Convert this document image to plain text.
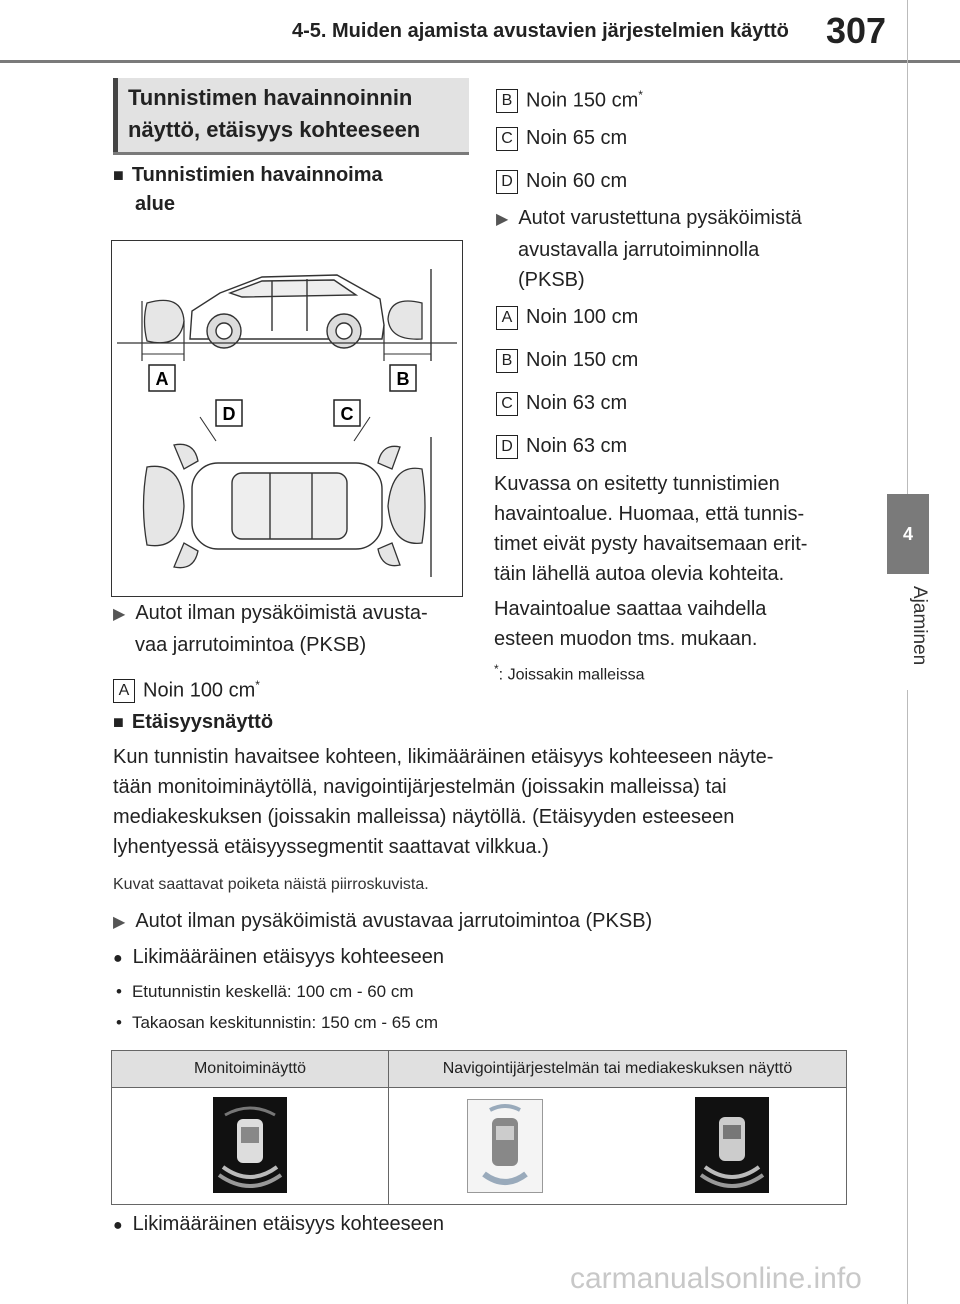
4-5. Muiden ajamista avustavien järjestelmien käyttö 307
4
Ajaminen
Tunnistimen havainnoinnin
näyttö, etäisyys kohteeseen
■ Tunnistimien havainnoima
alue
A	B
D	C
▶ Autot ilman pysäköimistä avusta-
vaa jarrutoimintoa (PKSB)
A Noin 100 cm*
B Noin 150 cm*
C Noin 65 cm
D Noin 60 cm
▶ Autot varustettuna pysäköimistä
avustavalla jarrutoiminnolla
(PKSB)
A Noin 100 cm
B Noin 150 cm
C Noin 63 cm
D Noin 63 cm
Kuvassa on esitetty tunnistimien
havaintoalue. Huomaa, että tunnis-
timet eivät pysty havaitsemaan erit-
täin lähellä autoa olevia kohteita.
Havaintoalue saattaa vaihdella
esteen muodon tms. mukaan.
*: Joissakin malleissa
■ Etäisyysnäyttö
Kun tunnistin havaitsee kohteen, likimääräinen etäisyys kohteeseen näyte-
tään monitoiminäytöllä, navigointijärjestelmän (joissakin malleissa) tai
mediakeskuksen (joissakin malleissa) näytöllä. (Etäisyyden esteeseen
lyhentyessä etäisyyssegmentit saattavat vilkkua.)
Kuvat saattavat poiketa näistä piirroskuvista.
▶ Autot ilman pysäköimistä avustavaa jarrutoimintoa (PKSB)
● Likimääräinen etäisyys kohteeseen
• Etutunnistin keskellä: 100 cm - 60 cm
• Takaosan keskitunnistin: 150 cm - 65 cm
Monitoiminäyttö	Navigointijärjestelmän tai mediakeskuksen näyttö

● Likimääräinen etäisyys kohteeseen
carmanualsonline.info
